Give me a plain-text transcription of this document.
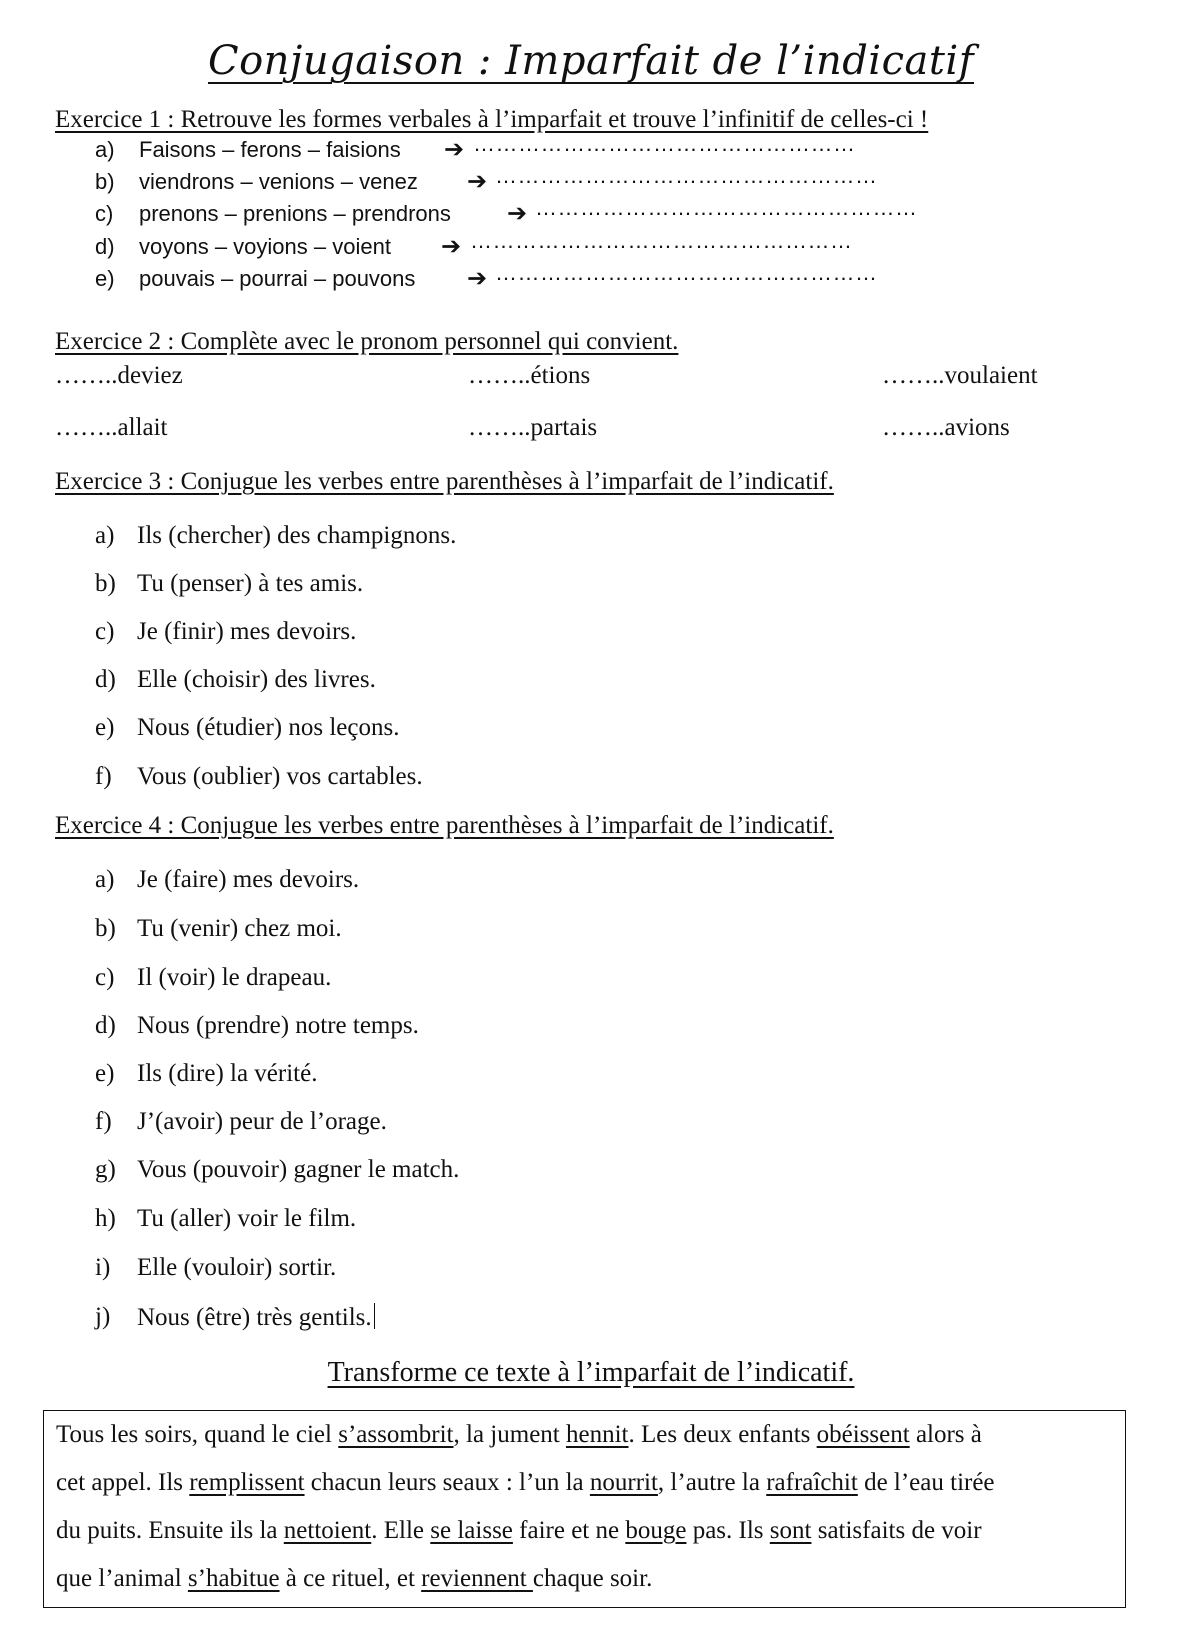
Conjugaison : Imparfait de l’indicatif
Exercice 1 : Retrouve les formes verbales à l’imparfait et trouve l’infinitif de celles-ci !
a) Faisons – ferons – faisions ➔ ……………………………………………
b) viendrons – venions – venez ➔ ……………………………………………
c) prenons – prenions – prendrons ➔ ……………………………………………
d) voyons – voyions – voient ➔ ……………………………………………
e) pouvais – pourrai – pouvons ➔ ……………………………………………
Exercice 2 : Complète avec le pronom personnel qui convient.
……..deviez	……..étions	……..voulaient
……..allait	……..partais	……..avions
Exercice 3 : Conjugue les verbes entre parenthèses à l’imparfait de l’indicatif.
a) Ils (chercher) des champignons.
b) Tu (penser) à tes amis.
c) Je (finir) mes devoirs.
d) Elle (choisir) des livres.
e) Nous (étudier) nos leçons.
f) Vous (oublier) vos cartables.
Exercice 4 : Conjugue les verbes entre parenthèses à l’imparfait de l’indicatif.
a) Je (faire) mes devoirs.
b) Tu (venir) chez moi.
c) Il (voir) le drapeau.
d) Nous (prendre) notre temps.
e) Ils (dire) la vérité.
f) J’(avoir) peur de l’orage.
g) Vous (pouvoir) gagner le match.
h) Tu (aller) voir le film.
i) Elle (vouloir) sortir.
j) Nous (être) très gentils.
Transforme ce texte à l’imparfait de l’indicatif.
Tous les soirs, quand le ciel s’assombrit, la jument hennit. Les deux enfants obéissent alors à
cet appel. Ils remplissent chacun leurs seaux : l’un la nourrit, l’autre la rafraîchit de l’eau tirée
du puits. Ensuite ils la nettoient. Elle se laisse faire et ne bouge pas. Ils sont satisfaits de voir
que l’animal s’habitue à ce rituel, et reviennent chaque soir.
